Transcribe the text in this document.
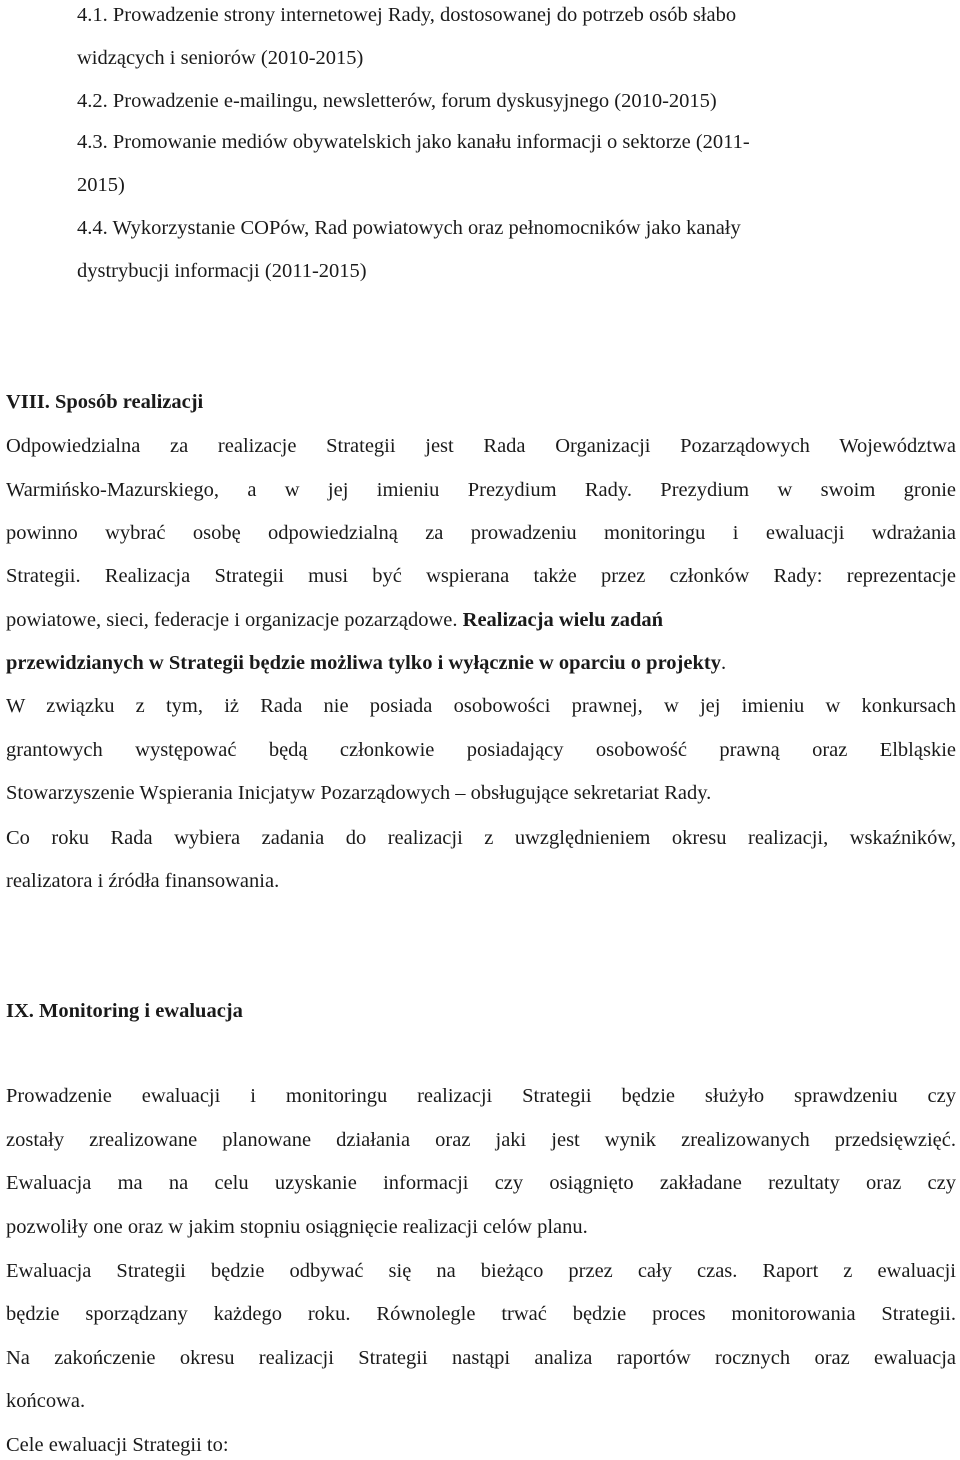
4.1. Prowadzenie strony internetowej Rady, dostosowanej do potrzeb osób słabo
widzących i seniorów (2010-2015)
4.2. Prowadzenie e-mailingu, newsletterów, forum dyskusyjnego (2010-2015)
4.3. Promowanie mediów obywatelskich jako kanału informacji o sektorze (2011-
2015)
4.4. Wykorzystanie COPów, Rad powiatowych oraz pełnomocników jako kanały
dystrybucji informacji (2011-2015)
VIII. Sposób realizacji
Odpowiedzialna za realizacje Strategii jest Rada Organizacji Pozarządowych Województwa
Warmińsko-Mazurskiego, a w jej imieniu Prezydium Rady. Prezydium w swoim gronie
powinno wybrać osobę odpowiedzialną za prowadzeniu monitoringu i ewaluacji wdrażania
Strategii. Realizacja Strategii musi być wspierana także przez członków Rady: reprezentacje
powiatowe, sieci, federacje i organizacje pozarządowe. Realizacja wielu zadań
przewidzianych w Strategii będzie możliwa tylko i wyłącznie w oparciu o projekty.
W związku z tym, iż Rada nie posiada osobowości prawnej, w jej imieniu w konkursach
grantowych występować będą członkowie posiadający osobowość prawną oraz Elbląskie
Stowarzyszenie Wspierania Inicjatyw Pozarządowych – obsługujące sekretariat Rady.
Co roku Rada wybiera zadania do realizacji z uwzględnieniem okresu realizacji, wskaźników,
realizatora i źródła finansowania.
IX. Monitoring i ewaluacja
Prowadzenie ewaluacji i monitoringu realizacji Strategii będzie służyło sprawdzeniu czy
zostały zrealizowane planowane działania oraz jaki jest wynik zrealizowanych przedsięwzięć.
Ewaluacja ma na celu uzyskanie informacji czy osiągnięto zakładane rezultaty oraz czy
pozwoliły one oraz w jakim stopniu osiągnięcie realizacji celów planu.
Ewaluacja Strategii będzie odbywać się na bieżąco przez cały czas. Raport z ewaluacji
będzie sporządzany każdego roku. Równolegle trwać będzie proces monitorowania Strategii.
Na zakończenie okresu realizacji Strategii nastąpi analiza raportów rocznych oraz ewaluacja
końcowa.
Cele ewaluacji Strategii to:
